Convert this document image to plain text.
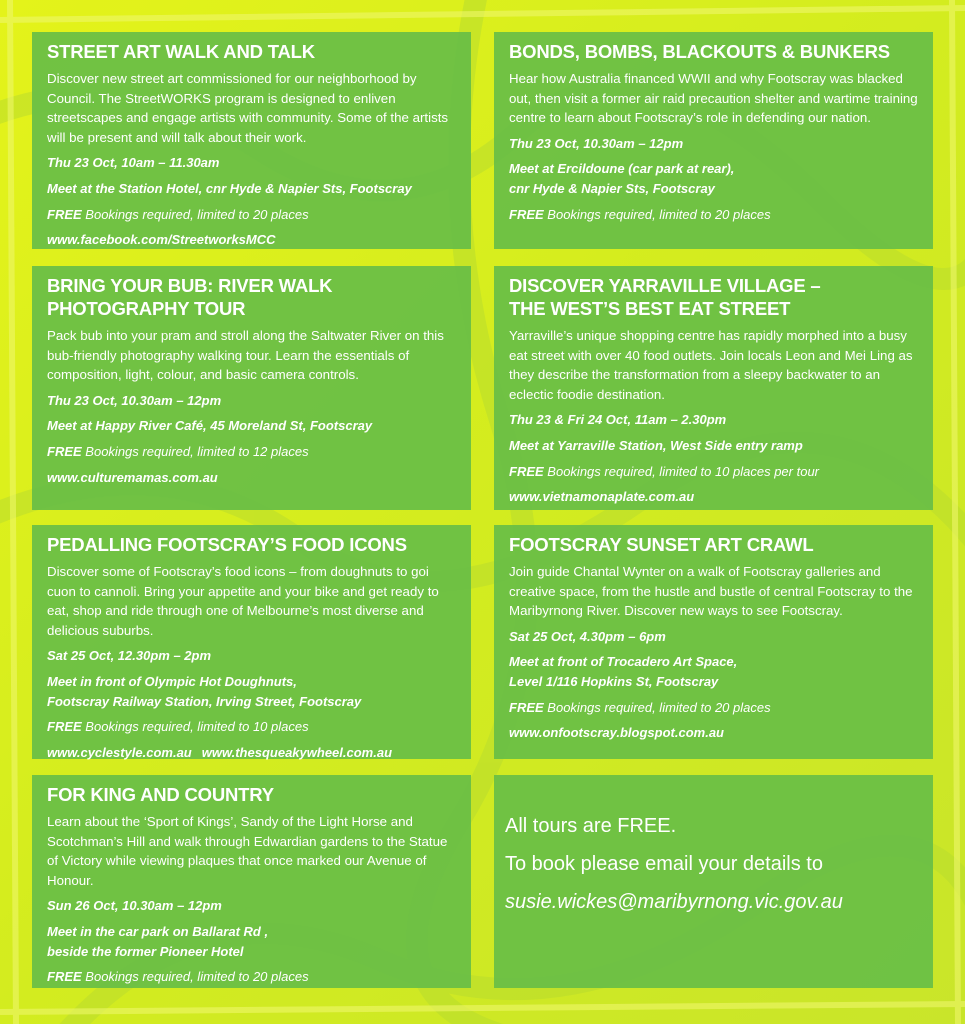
STREET ART WALK AND TALK

Discover new street art commissioned for our neighborhood by Council. The StreetWORKS program is designed to enliven streetscapes and engage artists with community. Some of the artists will be present and will talk about their work.

Thu 23 Oct, 10am – 11.30am
Meet at the Station Hotel, cnr Hyde & Napier Sts, Footscray
FREE Bookings required, limited to 20 places
www.facebook.com/StreetworksMCC
BONDS, BOMBS, BLACKOUTS & BUNKERS

Hear how Australia financed WWII and why Footscray was blacked out, then visit a former air raid precaution shelter and wartime training centre to learn about Footscray’s role in defending our nation.

Thu 23 Oct, 10.30am – 12pm
Meet at Ercildoune (car park at rear),
cnr Hyde & Napier Sts, Footscray
FREE Bookings required, limited to 20 places
BRING YOUR BUB: RIVER WALK
PHOTOGRAPHY TOUR

Pack bub into your pram and stroll along the Saltwater River on this bub-friendly photography walking tour. Learn the essentials of composition, light, colour, and basic camera controls.

Thu 23 Oct, 10.30am – 12pm
Meet at Happy River Café, 45 Moreland St, Footscray
FREE Bookings required, limited to 12 places
www.culturemamas.com.au
DISCOVER YARRAVILLE VILLAGE –
THE WEST’S BEST EAT STREET

Yarraville’s unique shopping centre has rapidly morphed into a busy eat street with over 40 food outlets. Join locals Leon and Mei Ling as they describe the transformation from a sleepy backwater to an eclectic foodie destination.

Thu 23 & Fri 24 Oct, 11am – 2.30pm
Meet at Yarraville Station, West Side entry ramp
FREE Bookings required, limited to 10 places per tour
www.vietnamonaplate.com.au
PEDALLING FOOTSCRAY’S FOOD ICONS

Discover some of Footscray’s food icons – from doughnuts to goi cuon to cannoli. Bring your appetite and your bike and get ready to eat, shop and ride through one of Melbourne’s most diverse and delicious suburbs.

Sat 25 Oct, 12.30pm – 2pm
Meet in front of Olympic Hot Doughnuts,
Footscray Railway Station, Irving Street, Footscray
FREE Bookings required, limited to 10 places
www.cyclestyle.com.au www.thesqueakywheel.com.au
FOOTSCRAY SUNSET ART CRAWL

Join guide Chantal Wynter on a walk of Footscray galleries and creative space, from the hustle and bustle of central Footscray to the Maribyrnong River. Discover new ways to see Footscray.

Sat 25 Oct, 4.30pm – 6pm
Meet at front of Trocadero Art Space,
Level 1/116 Hopkins St, Footscray
FREE Bookings required, limited to 20 places
www.onfootscray.blogspot.com.au
FOR KING AND COUNTRY

Learn about the ‘Sport of Kings’, Sandy of the Light Horse and Scotchman’s Hill and walk through Edwardian gardens to the Statue of Victory while viewing plaques that once marked our Avenue of Honour.

Sun 26 Oct, 10.30am – 12pm
Meet in the car park on Ballarat Rd ,
beside the former Pioneer Hotel
FREE Bookings required, limited to 20 places
All tours are FREE.
To book please email your details to
susie.wickes@maribyrnong.vic.gov.au
